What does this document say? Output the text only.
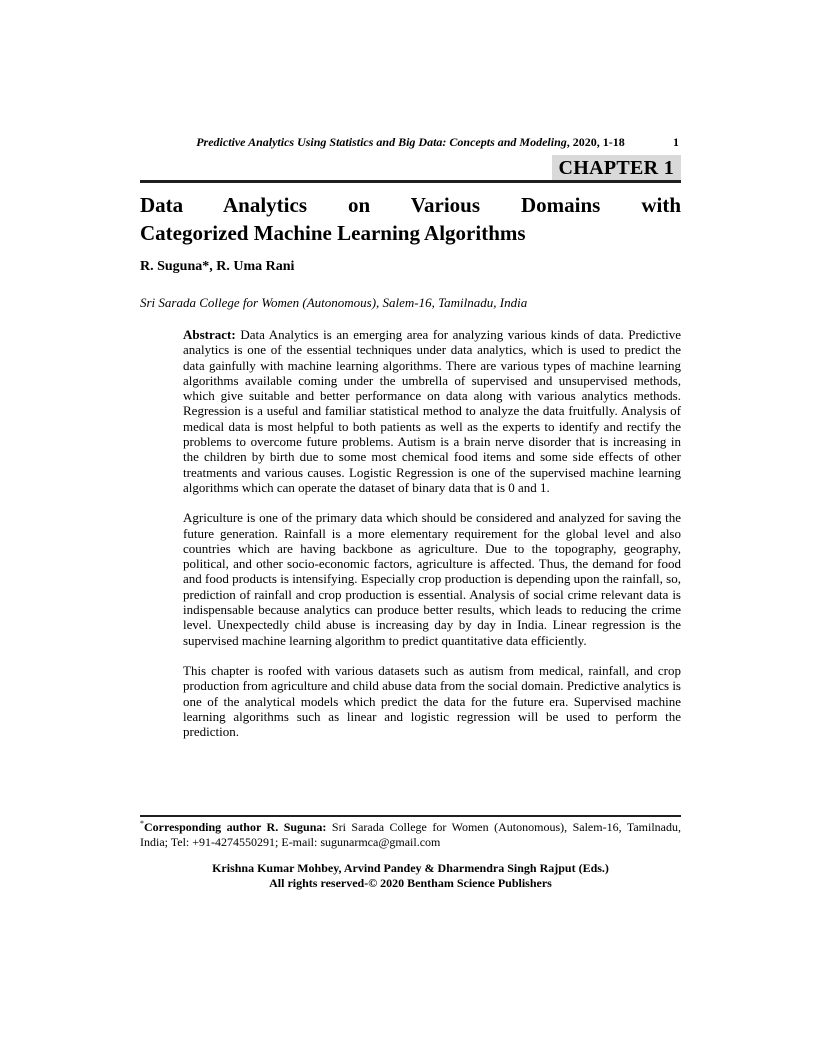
Predictive Analytics Using Statistics and Big Data: Concepts and Modeling, 2020, 1-18	1
CHAPTER 1
Data Analytics on Various Domains with
Categorized Machine Learning Algorithms
R. Suguna*, R. Uma Rani
Sri Sarada College for Women (Autonomous), Salem-16, Tamilnadu, India

Abstract: Data Analytics is an emerging area for analyzing various kinds of data. Predictive analytics is one of the essential techniques under data analytics, which is used to predict the data gainfully with machine learning algorithms. There are various types of machine learning algorithms available coming under the umbrella of supervised and unsupervised methods, which give suitable and better performance on data along with various analytics methods. Regression is a useful and familiar statistical method to analyze the data fruitfully. Analysis of medical data is most helpful to both patients as well as the experts to identify and rectify the problems to overcome future problems. Autism is a brain nerve disorder that is increasing in the children by birth due to some most chemical food items and some side effects of other treatments and various causes. Logistic Regression is one of the supervised machine learning algorithms which can operate the dataset of binary data that is 0 and 1.

Agriculture is one of the primary data which should be considered and analyzed for saving the future generation. Rainfall is a more elementary requirement for the global level and also countries which are having backbone as agriculture. Due to the topography, geography, political, and other socio-economic factors, agriculture is affected. Thus, the demand for food and food products is intensifying. Especially crop production is depending upon the rainfall, so, prediction of rainfall and crop production is essential. Analysis of social crime relevant data is indispensable because analytics can produce better results, which leads to reducing the crime level. Unexpectedly child abuse is increasing day by day in India. Linear regression is the supervised machine learning algorithm to predict quantitative data efficiently.

This chapter is roofed with various datasets such as autism from medical, rainfall, and crop production from agriculture and child abuse data from the social domain. Predictive analytics is one of the analytical models which predict the data for the future era. Supervised machine learning algorithms such as linear and logistic regression will be used to perform the prediction.

*Corresponding author R. Suguna: Sri Sarada College for Women (Autonomous), Salem-16, Tamilnadu, India; Tel: +91-4274550291; E-mail: sugunarmca@gmail.com
Krishna Kumar Mohbey, Arvind Pandey & Dharmendra Singh Rajput (Eds.)
All rights reserved-© 2020 Bentham Science Publishers
